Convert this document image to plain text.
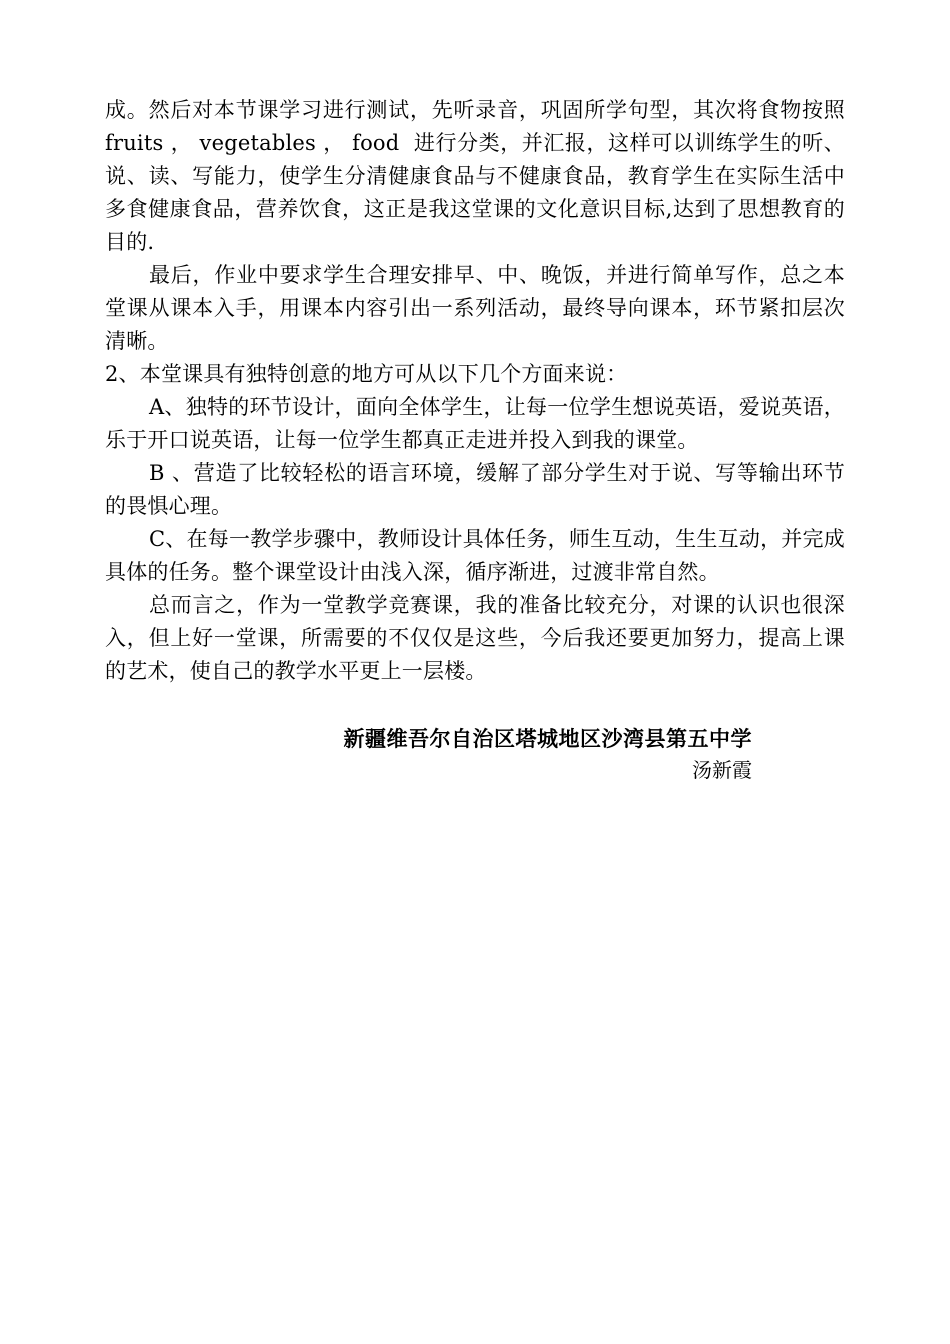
成。然后对本节课学习进行测试，先听录音，巩固所学句型，其次将食物按照 fruits ， vegetables ， food  进行分类，并汇报，这样可以训练学生的听、说、读、写能力，使学生分清健康食品与不健康食品，教育学生在实际生活中多食健康食品，营养饮食，这正是我这堂课的文化意识目标,达到了思想教育的目的.

最后，作业中要求学生合理安排早、中、晚饭，并进行简单写作，总之本堂课从课本入手，用课本内容引出一系列活动，最终导向课本，环节紧扣层次清晰。

2、本堂课具有独特创意的地方可从以下几个方面来说：

A、独特的环节设计，面向全体学生，让每一位学生想说英语，爱说英语，乐于开口说英语，让每一位学生都真正走进并投入到我的课堂。

B 、营造了比较轻松的语言环境，缓解了部分学生对于说、写等输出环节的畏惧心理。

C、在每一教学步骤中，教师设计具体任务，师生互动，生生互动，并完成具体的任务。整个课堂设计由浅入深，循序渐进，过渡非常自然。

总而言之，作为一堂教学竞赛课，我的准备比较充分，对课的认识也很深入，但上好一堂课，所需要的不仅仅是这些，今后我还要更加努力，提高上课的艺术，使自己的教学水平更上一层楼。

新疆维吾尔自治区塔城地区沙湾县第五中学
汤新霞
